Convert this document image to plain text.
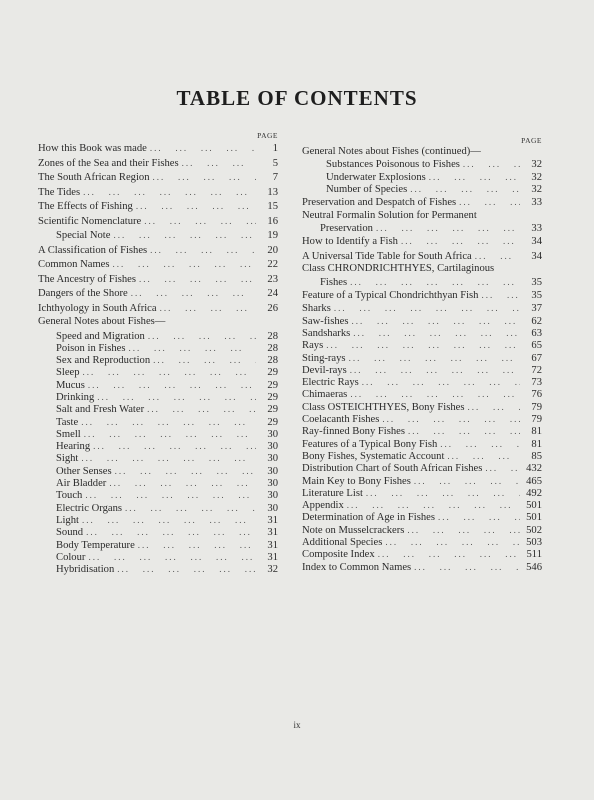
TABLE OF CONTENTS
PAGE
How this Book was made ...	1
Zones of the Sea and their Fishes ...	5
The South African Region ...	7
The Tides ...	13
The Effects of Fishing ...	15
Scientific Nomenclature ...	16
Special Note ...	19
A Classification of Fishes ...	20
Common Names ...	22
The Ancestry of Fishes ...	23
Dangers of the Shore ...	24
Ichthyology in South Africa ...	26
General Notes about Fishes—
Speed and Migration ...	28
Poison in Fishes ...	28
Sex and Reproduction ...	28
Sleep ...	29
Mucus ...	29
Drinking ...	29
Salt and Fresh Water ...	29
Taste ...	29
Smell ...	30
Hearing ...	30
Sight ...	30
Other Senses ...	30
Air Bladder ...	30
Touch ...	30
Electric Organs ...	30
Light ...	31
Sound ...	31
Body Temperature ...	31
Colour ...	31
Hybridisation ...	32
PAGE
General Notes about Fishes (continued)—
Substances Poisonous to Fishes ...	32
Underwater Explosions ...	32
Number of Species ...	32
Preservation and Despatch of Fishes ...	33
Neutral Formalin Solution for Permanent
Preservation ...	33
How to Identify a Fish ...	34
A Universal Tide Table for South Africa ...	34
Class CHRONDRICHTHYES, Cartilaginous
Fishes ...	35
Feature of a Typical Chondrichthyan Fish ...	35
Sharks ...	37
Saw-fishes ...	62
Sandsharks ...	63
Rays ...	65
Sting-rays ...	67
Devil-rays ...	72
Electric Rays ...	73
Chimaeras ...	76
Class OSTEICHTHYES, Bony Fishes ...	79
Coelacanth Fishes ...	79
Ray-finned Bony Fishes ...	81
Features of a Typical Bony Fish ...	81
Bony Fishes, Systematic Account ...	85
Distribution Chart of South African Fishes ...	432
Main Key to Bony Fishes ...	465
Literature List ...	492
Appendix ...	501
Determination of Age in Fishes ...	501
Note on Musselcrackers ...	502
Additional Species ...	503
Composite Index ...	511
Index to Common Names ...	546
ix
